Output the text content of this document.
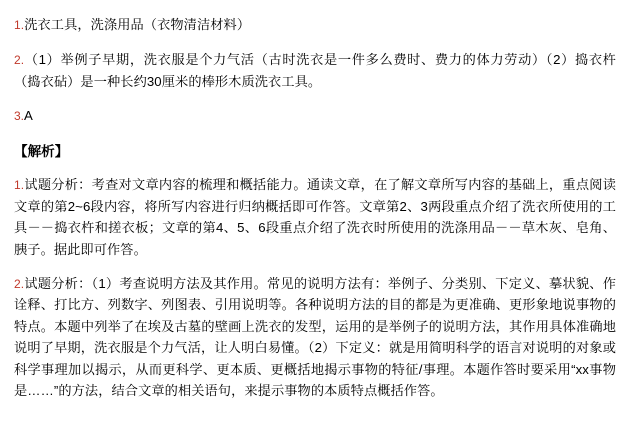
1.洗衣工具，洗涤用品（衣物清洁材料）

2.（1）举例子早期，洗衣服是个力气活（古时洗衣是一件多么费时、费力的体力劳动）（2）捣衣杵（捣衣砧）是一种长约30厘米的棒形木质洗衣工具。

3.A

【解析】

1.试题分析：考查对文章内容的梳理和概括能力。通读文章，在了解文章所写内容的基础上，重点阅读文章的第2~6段内容，将所写内容进行归纳概括即可作答。文章第2、3两段重点介绍了洗衣所使用的工具－－捣衣杵和搓衣板；文章的第4、5、6段重点介绍了洗衣时所使用的洗涤用品－－草木灰、皂角、胰子。据此即可作答。

2.试题分析：（1）考查说明方法及其作用。常见的说明方法有：举例子、分类别、下定义、摹状貌、作诠释、打比方、列数字、列图表、引用说明等。各种说明方法的目的都是为更准确、更形象地说事物的特点。本题中列举了在埃及古墓的壁画上洗衣的发型，运用的是举例子的说明方法，其作用具体准确地说明了早期，洗衣服是个力气活，让人明白易懂。（2）下定义：就是用简明科学的语言对说明的对象或科学事理加以揭示，从而更科学、更本质、更概括地揭示事物的特征/事理。本题作答时要采用“xx事物是……”的方法，结合文章的相关语句，来提示事物的本质特点概括作答。
